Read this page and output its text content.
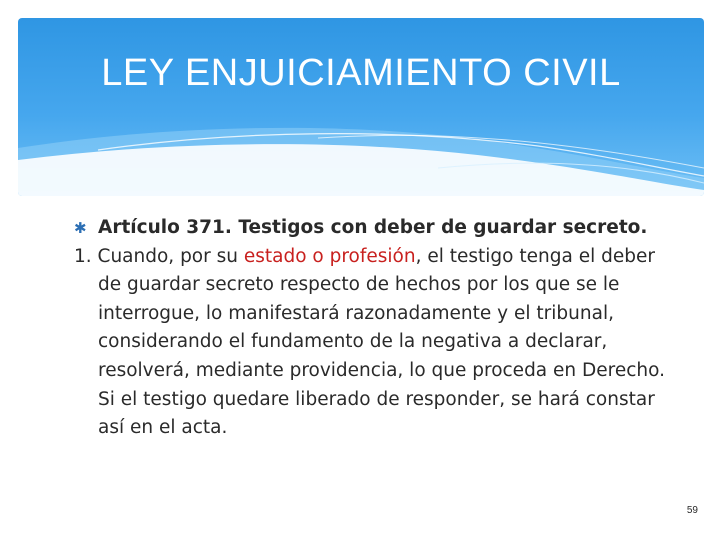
LEY ENJUICIAMIENTO CIVIL
✱ Artículo 371. Testigos con deber de guardar secreto.

1. Cuando, por su estado o profesión, el testigo tenga el deber de guardar secreto respecto de hechos por los que se le interrogue, lo manifestará razonadamente y el tribunal, considerando el fundamento de la negativa a declarar, resolverá, mediante providencia, lo que proceda en Derecho. Si el testigo quedare liberado de responder, se hará constar así en el acta.

59
